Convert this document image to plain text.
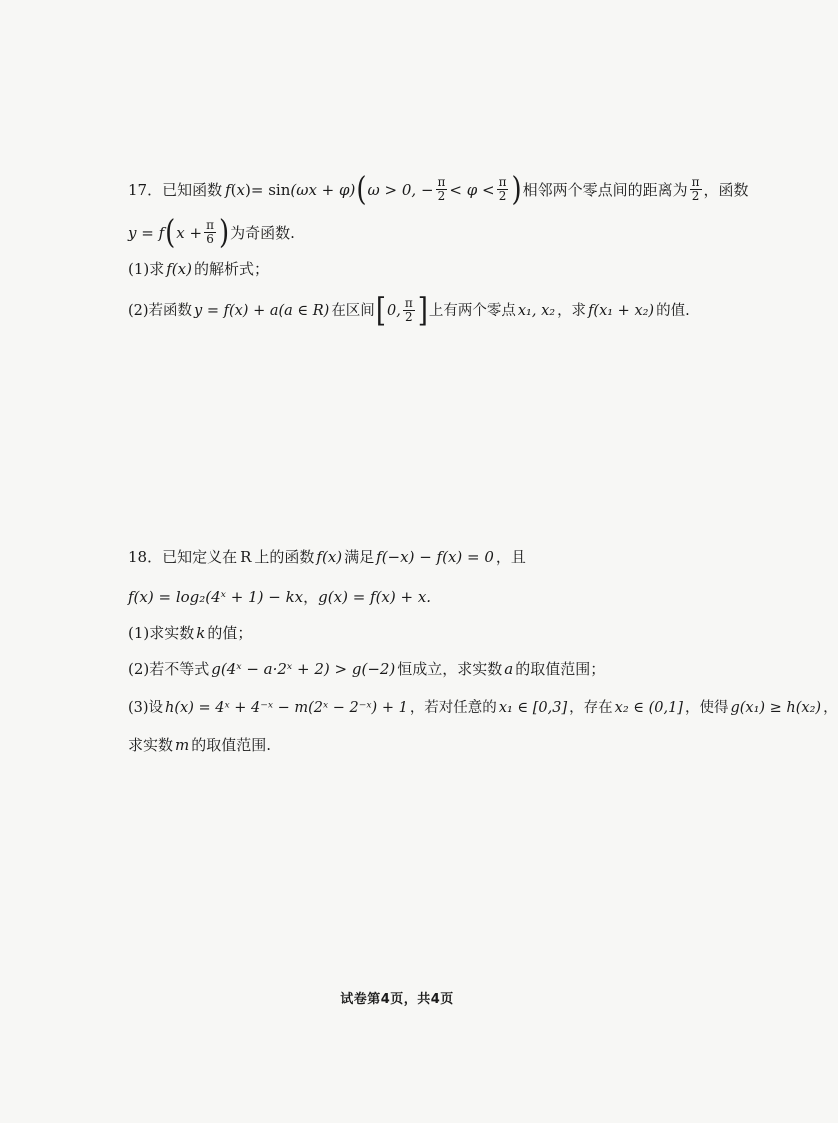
17． 已知函数 f ( x ) = sin (ωx + φ) ( ω > 0, − $\frac{\pi}{2} < \varphi < \frac{\pi}{2}$ ) 相邻两个零点间的距离为 $\frac{\pi}{2}$ ，函数
y = f ( $x + \frac{\pi}{6}$ ) 为奇函数.
(1)求 f(x) 的解析式；
(2)若函数 y = f(x) + a(a ∈ R) 在区间 [ 0, $\frac{\pi}{2}$ ] 上有两个零点 x₁, x₂ ，求 f(x₁ + x₂) 的值.
18． 已知定义在 R 上的函数 f(x) 满足 f(−x) − f(x) = 0 ，且
f(x) = log₂(4ˣ + 1) − kx ， g(x) = f(x) + x.
(1)求实数 k 的值；
(2)若不等式 g(4ˣ − a·2ˣ + 2) > g(−2) 恒成立，求实数 a 的取值范围；
(3)设 h(x) = 4ˣ + 4⁻ˣ − m(2ˣ − 2⁻ˣ) + 1 ，若对任意的 x₁ ∈ [0,3] ，存在 x₂ ∈ (0,1] ，使得 g(x₁) ≥ h(x₂) ，
求实数 m 的取值范围.
试卷第4页，共4页
